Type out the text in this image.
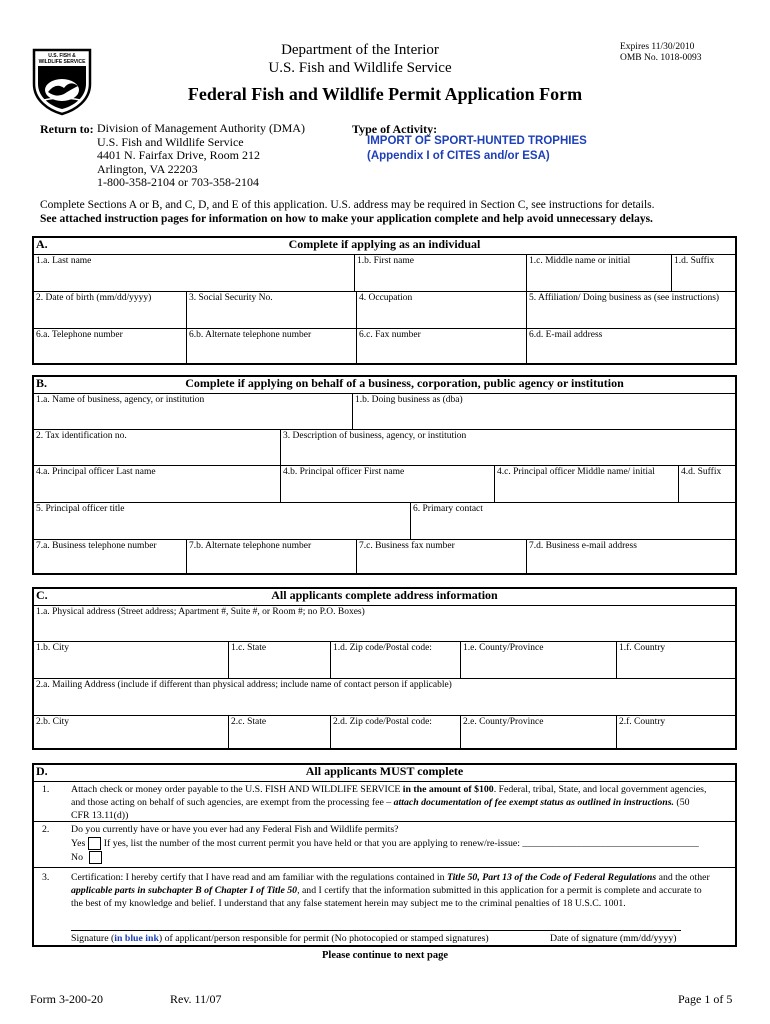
U.S. FISH & WILDLIFE SERVICE
Department of the Interior
U.S. Fish and Wildlife Service
Expires 11/30/2010
OMB No. 1018-0093
Federal Fish and Wildlife Permit Application Form
Return to: Division of Management Authority (DMA)
U.S. Fish and Wildlife Service
4401 N. Fairfax Drive, Room 212
Arlington, VA 22203
1-800-358-2104 or 703-358-2104
Type of Activity:
IMPORT OF SPORT-HUNTED TROPHIES
(Appendix I of CITES and/or ESA)
Complete Sections A or B, and C, D, and E of this application. U.S. address may be required in Section C, see instructions for details.
See attached instruction pages for information on how to make your application complete and help avoid unnecessary delays.
A.	Complete if applying as an individual
1.a. Last name	1.b. First name	1.c. Middle name or initial	1.d. Suffix
2. Date of birth (mm/dd/yyyy)	3. Social Security No.	4. Occupation	5. Affiliation/ Doing business as (see instructions)
6.a. Telephone number	6.b. Alternate telephone number	6.c. Fax number	6.d. E-mail address
B.	Complete if applying on behalf of a business, corporation, public agency or institution
1.a. Name of business, agency, or institution	1.b. Doing business as (dba)
2. Tax identification no.	3. Description of business, agency, or institution
4.a. Principal officer Last name	4.b. Principal officer First name	4.c. Principal officer Middle name/ initial	4.d. Suffix
5. Principal officer title	6. Primary contact
7.a. Business telephone number	7.b. Alternate telephone number	7.c. Business fax number	7.d. Business e-mail address
C.	All applicants complete address information
1.a. Physical address (Street address; Apartment #, Suite #, or Room #; no P.O. Boxes)
1.b. City	1.c. State	1.d. Zip code/Postal code:	1.e. County/Province	1.f. Country
2.a. Mailing Address (include if different than physical address; include name of contact person if applicable)
2.b. City	2.c. State	2.d. Zip code/Postal code:	2.e. County/Province	2.f. Country
D.	All applicants MUST complete
1. Attach check or money order payable to the U.S. FISH AND WILDLIFE SERVICE in the amount of $100. Federal, tribal, State, and local government agencies,
and those acting on behalf of such agencies, are exempt from the processing fee – attach documentation of fee exempt status as outlined in instructions. (50
CFR 13.11(d))
2. Do you currently have or have you ever had any Federal Fish and Wildlife permits?
Yes If yes, list the number of the most current permit you have held or that you are applying to renew/re-issue: ____________________________________
No
3. Certification: I hereby certify that I have read and am familiar with the regulations contained in Title 50, Part 13 of the Code of Federal Regulations and the other
applicable parts in subchapter B of Chapter I of Title 50, and I certify that the information submitted in this application for a permit is complete and accurate to
the best of my knowledge and belief. I understand that any false statement herein may subject me to the criminal penalties of 18 U.S.C. 1001.
Signature (in blue ink) of applicant/person responsible for permit (No photocopied or stamped signatures)	Date of signature (mm/dd/yyyy)
Please continue to next page
Form 3-200-20	Rev. 11/07	Page 1 of 5
